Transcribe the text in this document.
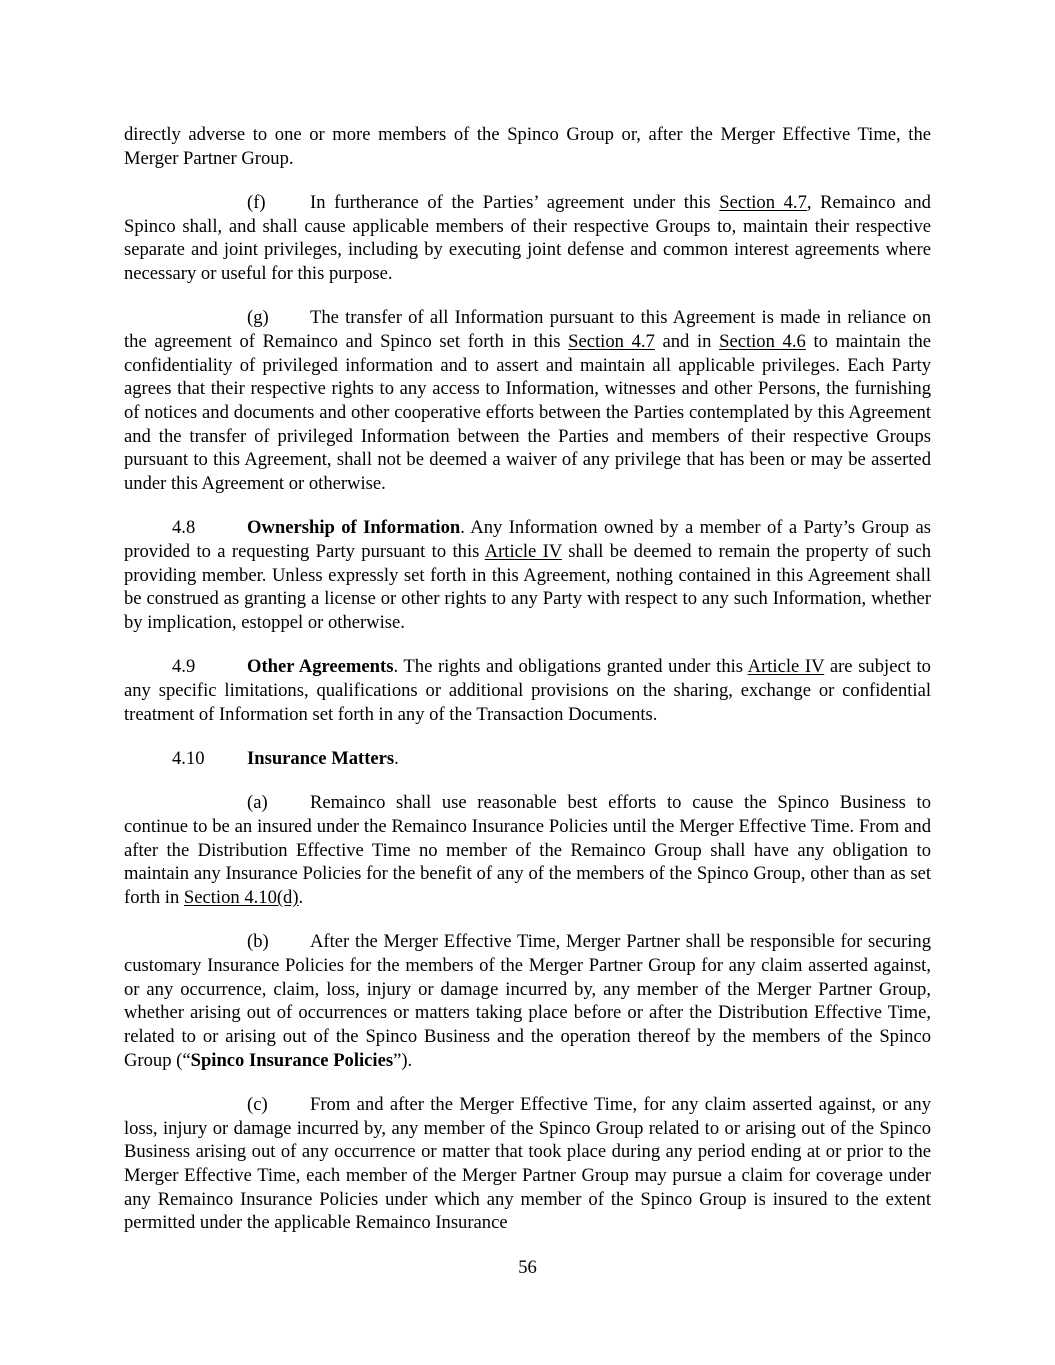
directly adverse to one or more members of the Spinco Group or, after the Merger Effective Time, the Merger Partner Group.

(f) In furtherance of the Parties’ agreement under this Section 4.7, Remainco and Spinco shall, and shall cause applicable members of their respective Groups to, maintain their respective separate and joint privileges, including by executing joint defense and common interest agreements where necessary or useful for this purpose.

(g) The transfer of all Information pursuant to this Agreement is made in reliance on the agreement of Remainco and Spinco set forth in this Section 4.7 and in Section 4.6 to maintain the confidentiality of privileged information and to assert and maintain all applicable privileges. Each Party agrees that their respective rights to any access to Information, witnesses and other Persons, the furnishing of notices and documents and other cooperative efforts between the Parties contemplated by this Agreement and the transfer of privileged Information between the Parties and members of their respective Groups pursuant to this Agreement, shall not be deemed a waiver of any privilege that has been or may be asserted under this Agreement or otherwise.

4.8	Ownership of Information. Any Information owned by a member of a Party’s Group as provided to a requesting Party pursuant to this Article IV shall be deemed to remain the property of such providing member. Unless expressly set forth in this Agreement, nothing contained in this Agreement shall be construed as granting a license or other rights to any Party with respect to any such Information, whether by implication, estoppel or otherwise.

4.9	Other Agreements. The rights and obligations granted under this Article IV are subject to any specific limitations, qualifications or additional provisions on the sharing, exchange or confidential treatment of Information set forth in any of the Transaction Documents.

4.10 Insurance Matters.

(a) Remainco shall use reasonable best efforts to cause the Spinco Business to continue to be an insured under the Remainco Insurance Policies until the Merger Effective Time. From and after the Distribution Effective Time no member of the Remainco Group shall have any obligation to maintain any Insurance Policies for the benefit of any of the members of the Spinco Group, other than as set forth in Section 4.10(d).

(b) After the Merger Effective Time, Merger Partner shall be responsible for securing customary Insurance Policies for the members of the Merger Partner Group for any claim asserted against, or any occurrence, claim, loss, injury or damage incurred by, any member of the Merger Partner Group, whether arising out of occurrences or matters taking place before or after the Distribution Effective Time, related to or arising out of the Spinco Business and the operation thereof by the members of the Spinco Group (“Spinco Insurance Policies”).

(c) From and after the Merger Effective Time, for any claim asserted against, or any loss, injury or damage incurred by, any member of the Spinco Group related to or arising out of the Spinco Business arising out of any occurrence or matter that took place during any period ending at or prior to the Merger Effective Time, each member of the Merger Partner Group may pursue a claim for coverage under any Remainco Insurance Policies under which any member of the Spinco Group is insured to the extent permitted under the applicable Remainco Insurance

56
